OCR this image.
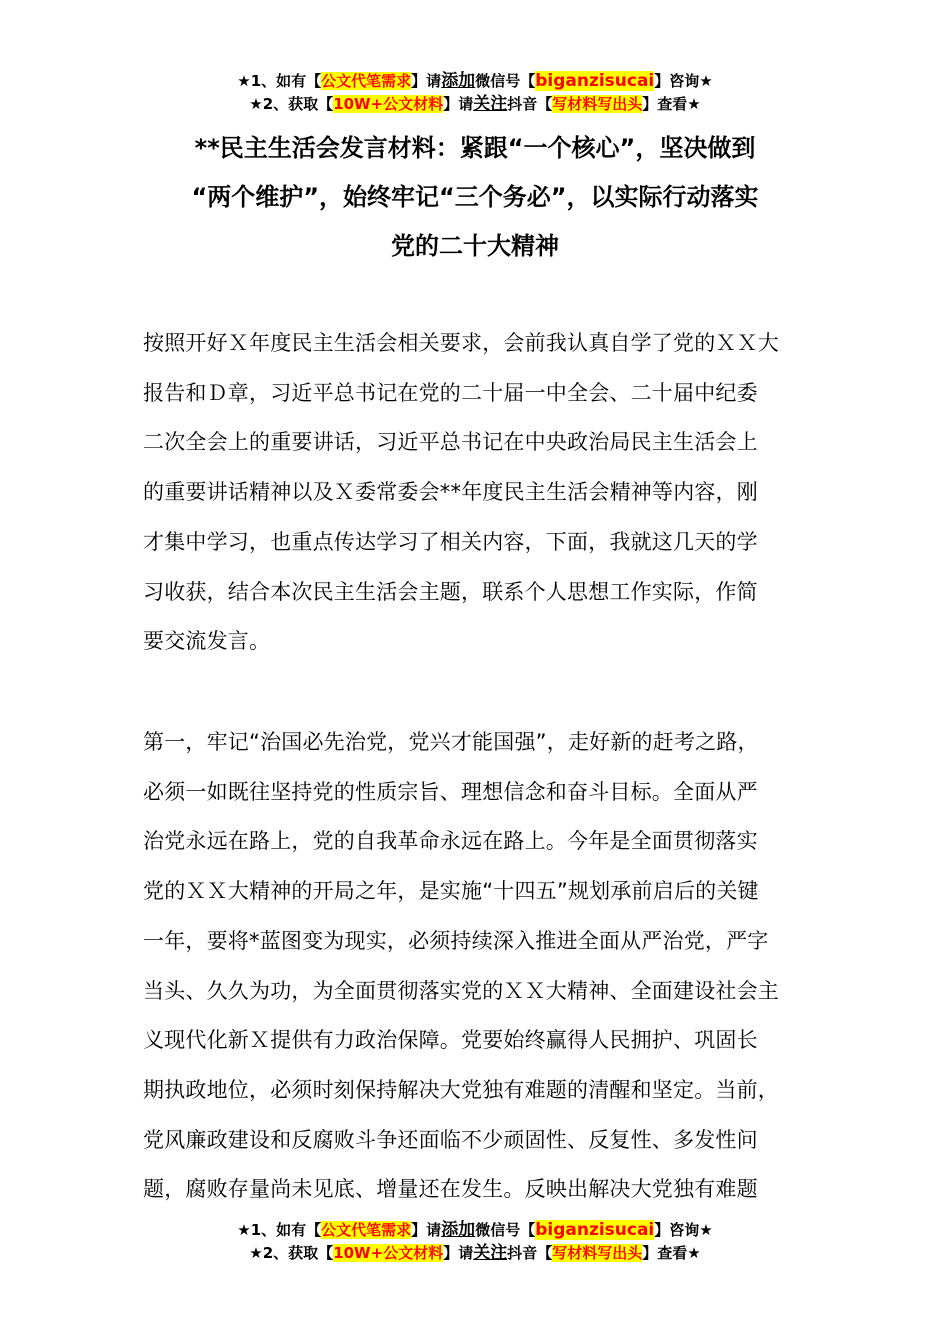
★1、如有【公文代笔需求】请添加微信号【biganzisucai】咨询★
★2、获取【10W+公文材料】请关注抖音【写材料写出头】查看★
**民主生活会发言材料：紧跟“一个核心”，坚决做到
“两个维护”，始终牢记“三个务必”，以实际行动落实
党的二十大精神
按照开好Ｘ年度民主生活会相关要求，会前我认真自学了党的ＸＸ大
报告和Ｄ章，习近平总书记在党的二十届一中全会、二十届中纪委
二次全会上的重要讲话，习近平总书记在中央政治局民主生活会上
的重要讲话精神以及Ｘ委常委会**年度民主生活会精神等内容，刚
才集中学习，也重点传达学习了相关内容，下面，我就这几天的学
习收获，结合本次民主生活会主题，联系个人思想工作实际，作简
要交流发言。
第一，牢记“治国必先治党，党兴才能国强”，走好新的赶考之路，
必须一如既往坚持党的性质宗旨、理想信念和奋斗目标。全面从严
治党永远在路上，党的自我革命永远在路上。今年是全面贯彻落实
党的ＸＸ大精神的开局之年，是实施“十四五”规划承前启后的关键
一年，要将*蓝图变为现实，必须持续深入推进全面从严治党，严字
当头、久久为功，为全面贯彻落实党的ＸＸ大精神、全面建设社会主
义现代化新Ｘ提供有力政治保障。党要始终赢得人民拥护、巩固长
期执政地位，必须时刻保持解决大党独有难题的清醒和坚定。当前，
党风廉政建设和反腐败斗争还面临不少顽固性、反复性、多发性问
题，腐败存量尚未见底、增量还在发生。反映出解决大党独有难题
★1、如有【公文代笔需求】请添加微信号【biganzisucai】咨询★
★2、获取【10W+公文材料】请关注抖音【写材料写出头】查看★
